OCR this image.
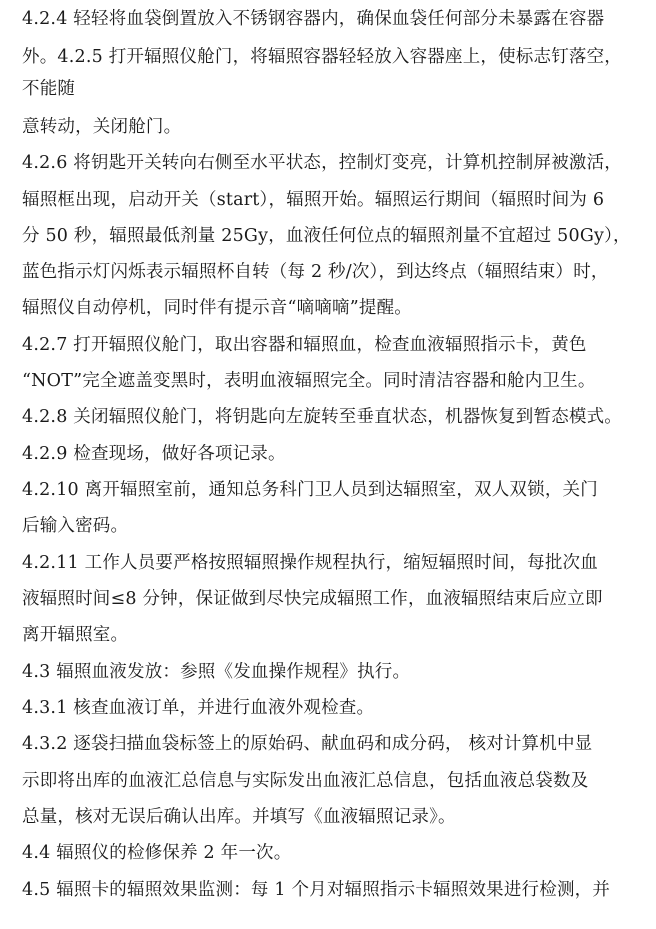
4.2.4 轻轻将血袋倒置放入不锈钢容器内，确保血袋任何部分未暴露在容器
外。4.2.5 打开辐照仪舱门，将辐照容器轻轻放入容器座上，使标志钉落空，
不能随
意转动，关闭舱门。
4.2.6 将钥匙开关转向右侧至水平状态，控制灯变亮，计算机控制屏被激活，
辐照框出现，启动开关（start），辐照开始。辐照运行期间（辐照时间为 6
分 50 秒，辐照最低剂量 25Gy，血液任何位点的辐照剂量不宜超过 50Gy），
蓝色指示灯闪烁表示辐照杯自转（每 2 秒/次），到达终点（辐照结束）时，
辐照仪自动停机，同时伴有提示音“嘀嘀嘀”提醒。
4.2.7 打开辐照仪舱门，取出容器和辐照血，检查血液辐照指示卡，黄色
“NOT”完全遮盖变黑时，表明血液辐照完全。同时清洁容器和舱内卫生。
4.2.8 关闭辐照仪舱门，将钥匙向左旋转至垂直状态，机器恢复到暂态模式。
4.2.9 检查现场，做好各项记录。
4.2.10 离开辐照室前，通知总务科门卫人员到达辐照室，双人双锁，关门
后输入密码。
4.2.11 工作人员要严格按照辐照操作规程执行，缩短辐照时间，每批次血
液辐照时间≤8 分钟，保证做到尽快完成辐照工作，血液辐照结束后应立即
离开辐照室。
4.3 辐照血液发放：参照《发血操作规程》执行。
4.3.1 核查血液订单，并进行血液外观检查。
4.3.2 逐袋扫描血袋标签上的原始码、献血码和成分码， 核对计算机中显
示即将出库的血液汇总信息与实际发出血液汇总信息，包括血液总袋数及
总量，核对无误后确认出库。并填写《血液辐照记录》。
4.4 辐照仪的检修保养 2 年一次。
4.5 辐照卡的辐照效果监测：每 1 个月对辐照指示卡辐照效果进行检测，并
